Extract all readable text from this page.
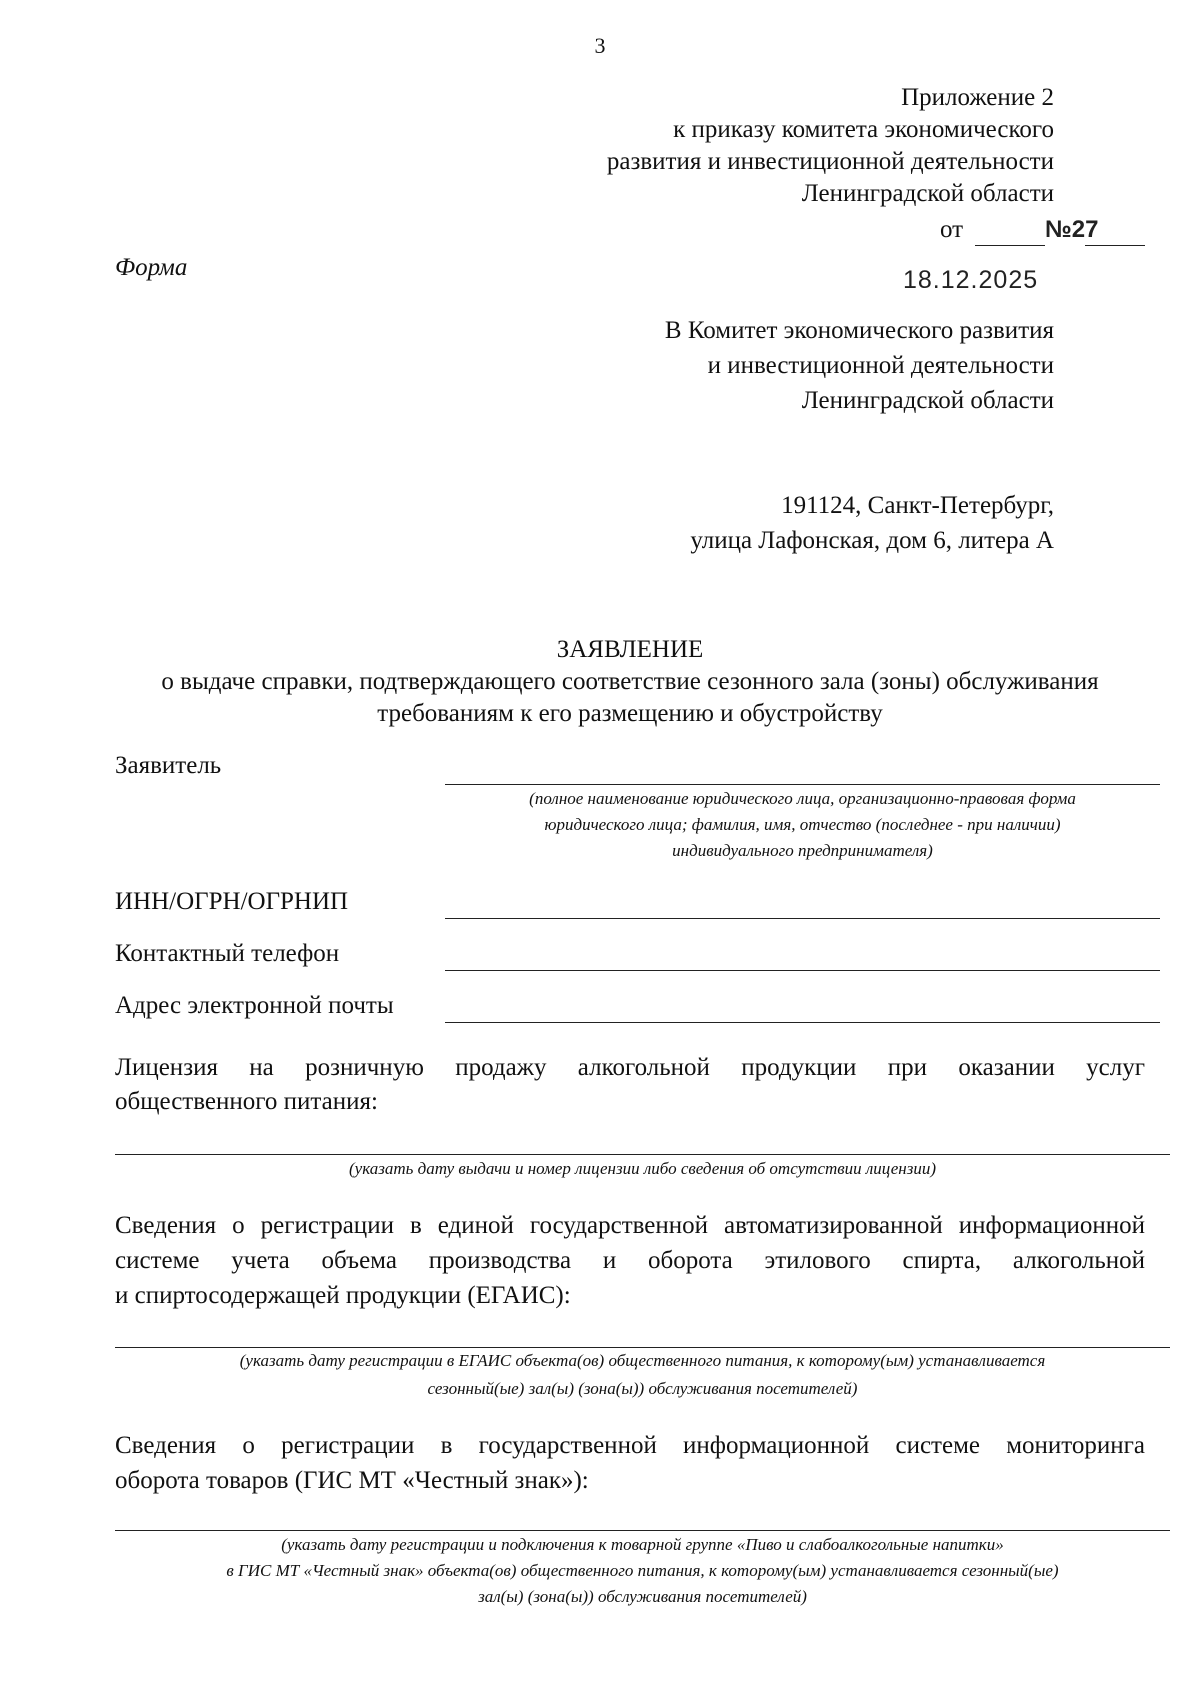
3
Приложение 2
к приказу комитета экономического
развития и инвестиционной деятельности
Ленинградской области
от	№27
Форма	18.12.2025
В Комитет экономического развития
и инвестиционной деятельности
Ленинградской области
191124, Санкт-Петербург,
улица Лафонская, дом 6, литера А
ЗАЯВЛЕНИЕ
о выдаче справки, подтверждающего соответствие сезонного зала (зоны) обслуживания
требованиям к его размещению и обустройству
Заявитель
(полное наименование юридического лица, организационно-правовая форма
юридического лица; фамилия, имя, отчество (последнее - при наличии)
индивидуального предпринимателя)
ИНН/ОГРН/ОГРНИП
Контактный телефон
Адрес электронной почты
Лицензия на розничную продажу алкогольной продукции при оказании услуг
общественного питания:
(указать дату выдачи и номер лицензии либо сведения об отсутствии лицензии)
Сведения о регистрации в единой государственной автоматизированной информационной
системе учета объема производства и оборота этилового спирта, алкогольной
и спиртосодержащей продукции (ЕГАИС):
(указать дату регистрации в ЕГАИС объекта(ов) общественного питания, к которому(ым) устанавливается
сезонный(ые) зал(ы) (зона(ы)) обслуживания посетителей)
Сведения о регистрации в государственной информационной системе мониторинга
оборота товаров (ГИС МТ «Честный знак»):
(указать дату регистрации и подключения к товарной группе «Пиво и слабоалкогольные напитки»
в ГИС МТ «Честный знак» объекта(ов) общественного питания, к которому(ым) устанавливается сезонный(ые)
зал(ы) (зона(ы)) обслуживания посетителей)
